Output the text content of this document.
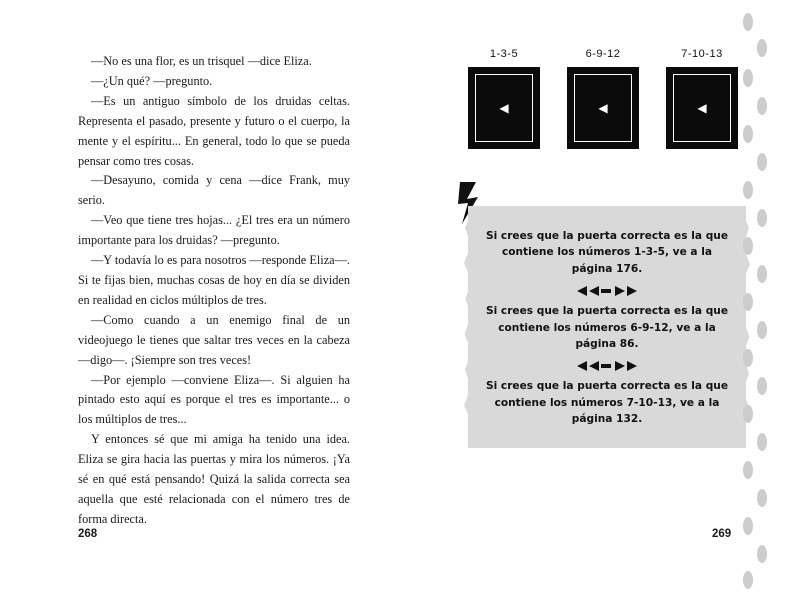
—No es una flor, es un trisquel —dice Eliza.

—¿Un qué? —pregunto.

—Es un antiguo símbolo de los druidas celtas. Representa el pasado, presente y futuro o el cuerpo, la mente y el espíritu... En general, todo lo que se pueda pensar como tres cosas.

—Desayuno, comida y cena —dice Frank, muy serio.

—Veo que tiene tres hojas... ¿El tres era un número importante para los druidas? —pregunto.

—Y todavía lo es para nosotros —responde Eliza—. Si te fijas bien, muchas cosas de hoy en día se dividen en realidad en ciclos múltiplos de tres.

—Como cuando a un enemigo final de un videojuego le tienes que saltar tres veces en la cabeza —digo—. ¡Siempre son tres veces!

—Por ejemplo —conviene Eliza—. Si alguien ha pintado esto aquí es porque el tres es importante... o los múltiplos de tres...

Y entonces sé que mi amiga ha tenido una idea. Eliza se gira hacia las puertas y mira los números. ¡Ya sé en qué está pensando! Quizá la salida correcta sea aquella que esté relacionada con el número tres de forma directa.

268
1-3-5
◀
6-9-12
◀
7-10-13
◀
Si crees que la puerta correcta es la que contiene los números 1-3-5, ve a la página 176.
Si crees que la puerta correcta es la que contiene los números 6-9-12, ve a la página 86.
Si crees que la puerta correcta es la que contiene los números 7-10-13, ve a la página 132.
269
